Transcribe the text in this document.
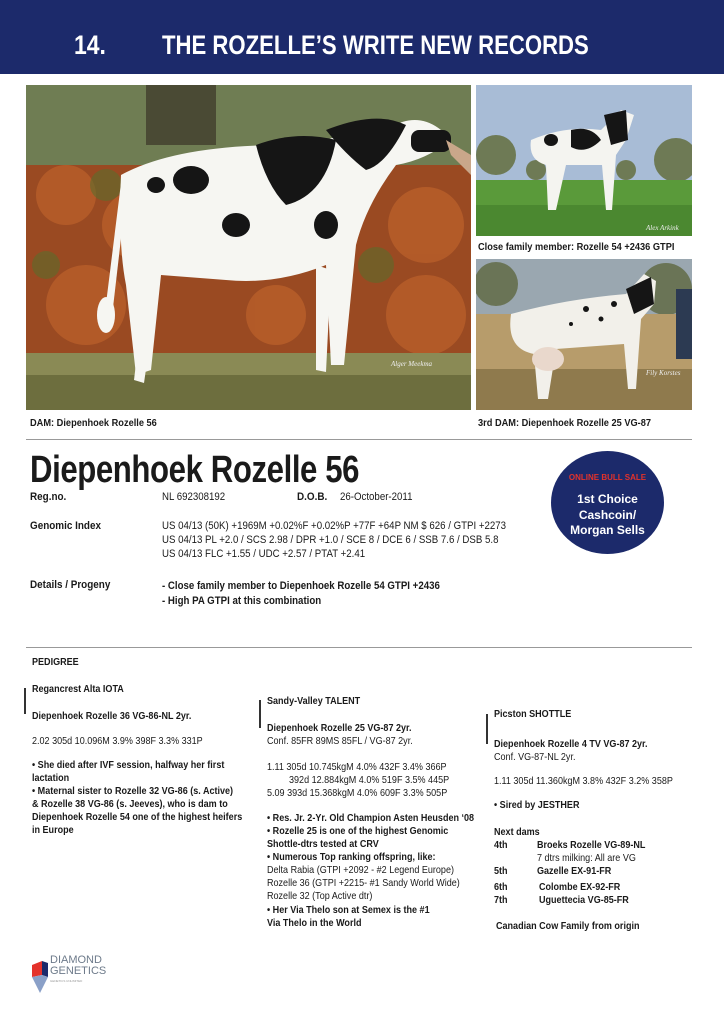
14. THE ROZELLE’S WRITE NEW RECORDS
Alger Meekma
Alex Arkink
Close family member: Rozelle 54 +2436 GTPI
Fily Korstes
DAM: Diepenhoek Rozelle 56	3rd DAM: Diepenhoek Rozelle 25 VG-87
Diepenhoek Rozelle 56
Reg.no.	NL 692308192	D.O.B. 26-October-2011
Genomic Index	US 04/13 (50K) +1969M +0.02%F +0.02%P +77F +64P NM $ 626 / GTPI +2273
US 04/13 PL +2.0 / SCS 2.98 / DPR +1.0 / SCE 8 / DCE 6 / SSB 7.6 / DSB 5.8
US 04/13 FLC +1.55 / UDC +2.57 / PTAT +2.41
Details / Progeny	- Close family member to Diepenhoek Rozelle 54 GTPI +2436
- High PA GTPI at this combination
ONLINE BULL SALE
1st Choice
Cashcoin/
Morgan Sells
PEDIGREE
Regancrest Alta IOTA
Diepenhoek Rozelle 36 VG-86-NL 2yr.
2.02 305d 10.096M 3.9% 398F 3.3% 331P
• She died after IVF session, halfway her first
lactation
• Maternal sister to Rozelle 32 VG-86 (s. Active)
& Rozelle 38 VG-86 (s. Jeeves), who is dam to
Diepenhoek Rozelle 54 one of the highest heifers
in Europe
Sandy-Valley TALENT
Diepenhoek Rozelle 25 VG-87 2yr.
Conf. 85FR 89MS 85FL / VG-87 2yr.
1.11 305d 10.745kgM 4.0% 432F 3.4% 366P
392d 12.884kgM 4.0% 519F 3.5% 445P
5.09 393d 15.368kgM 4.0% 609F 3.3% 505P
• Res. Jr. 2-Yr. Old Champion Asten Heusden ‘08
• Rozelle 25 is one of the highest Genomic
Shottle-dtrs tested at CRV
• Numerous Top ranking offspring, like:
Delta Rabia (GTPI +2092 - #2 Legend Europe)
Rozelle 36 (GTPI +2215- #1 Sandy World Wide)
Rozelle 32 (Top Active dtr)
• Her Via Thelo son at Semex is the #1
Via Thelo in the World
Picston SHOTTLE
Diepenhoek Rozelle 4 TV VG-87 2yr.
Conf. VG-87-NL 2yr.
1.11 305d 11.360kgM 3.8% 432F 3.2% 358P
• Sired by JESTHER
Next dams
4th	Broeks Rozelle VG-89-NL
7 dtrs milking: All are VG
5th	Gazelle EX-91-FR
6th	Colombe EX-92-FR
7th	Uguettecia VG-85-FR
Canadian Cow Family from origin
DIAMOND
GENETICS
GENETICS UNLIMITED
